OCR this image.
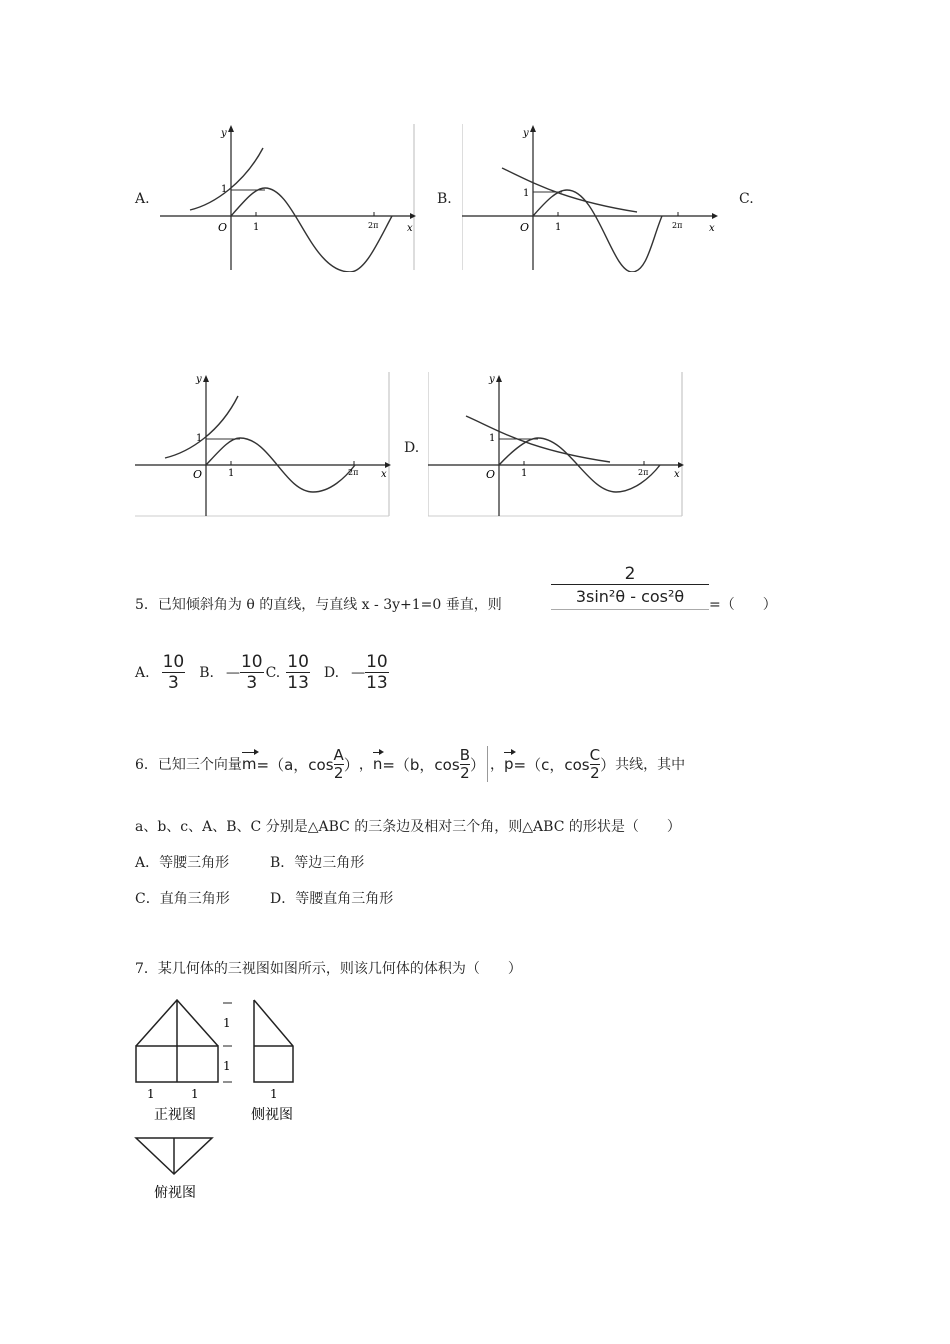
A.	B.	C.
D.
y
x
1
1
O	2π
y
x
1
1
O	2π
y
x
1
1
O	2π
y
x
1
1
O	2π
5．已知倾斜角为 θ 的直线，与直线 x - 3y+1=0 垂直，则	$\frac{2}{\text{3sin²θ - cos²θ}}$ =（　　）
A. $\frac{10}{3} B$. — $\frac{10}{3} C$. $\frac{10}{13} D$. — $\frac{10}{13}$
6．已知三个向量 m =（a，$\cos \frac{A}{2}$ ） ， n =（b，$\cos \frac{B}{2}$ ） ， p =（c，$\cos \frac{C}{2}$ ） 共线，其中
a、b、c、A、B、C 分别是△ABC 的三条边及相对三个角，则△ABC 的形状是（　　）
A．等腰三角形	B．等边三角形
C．直角三角形	D．等腰直角三角形
7．某几何体的三视图如图所示，则该几何体的体积为（　　）
1
1
1	1
正视图
1
侧视图
俯视图
